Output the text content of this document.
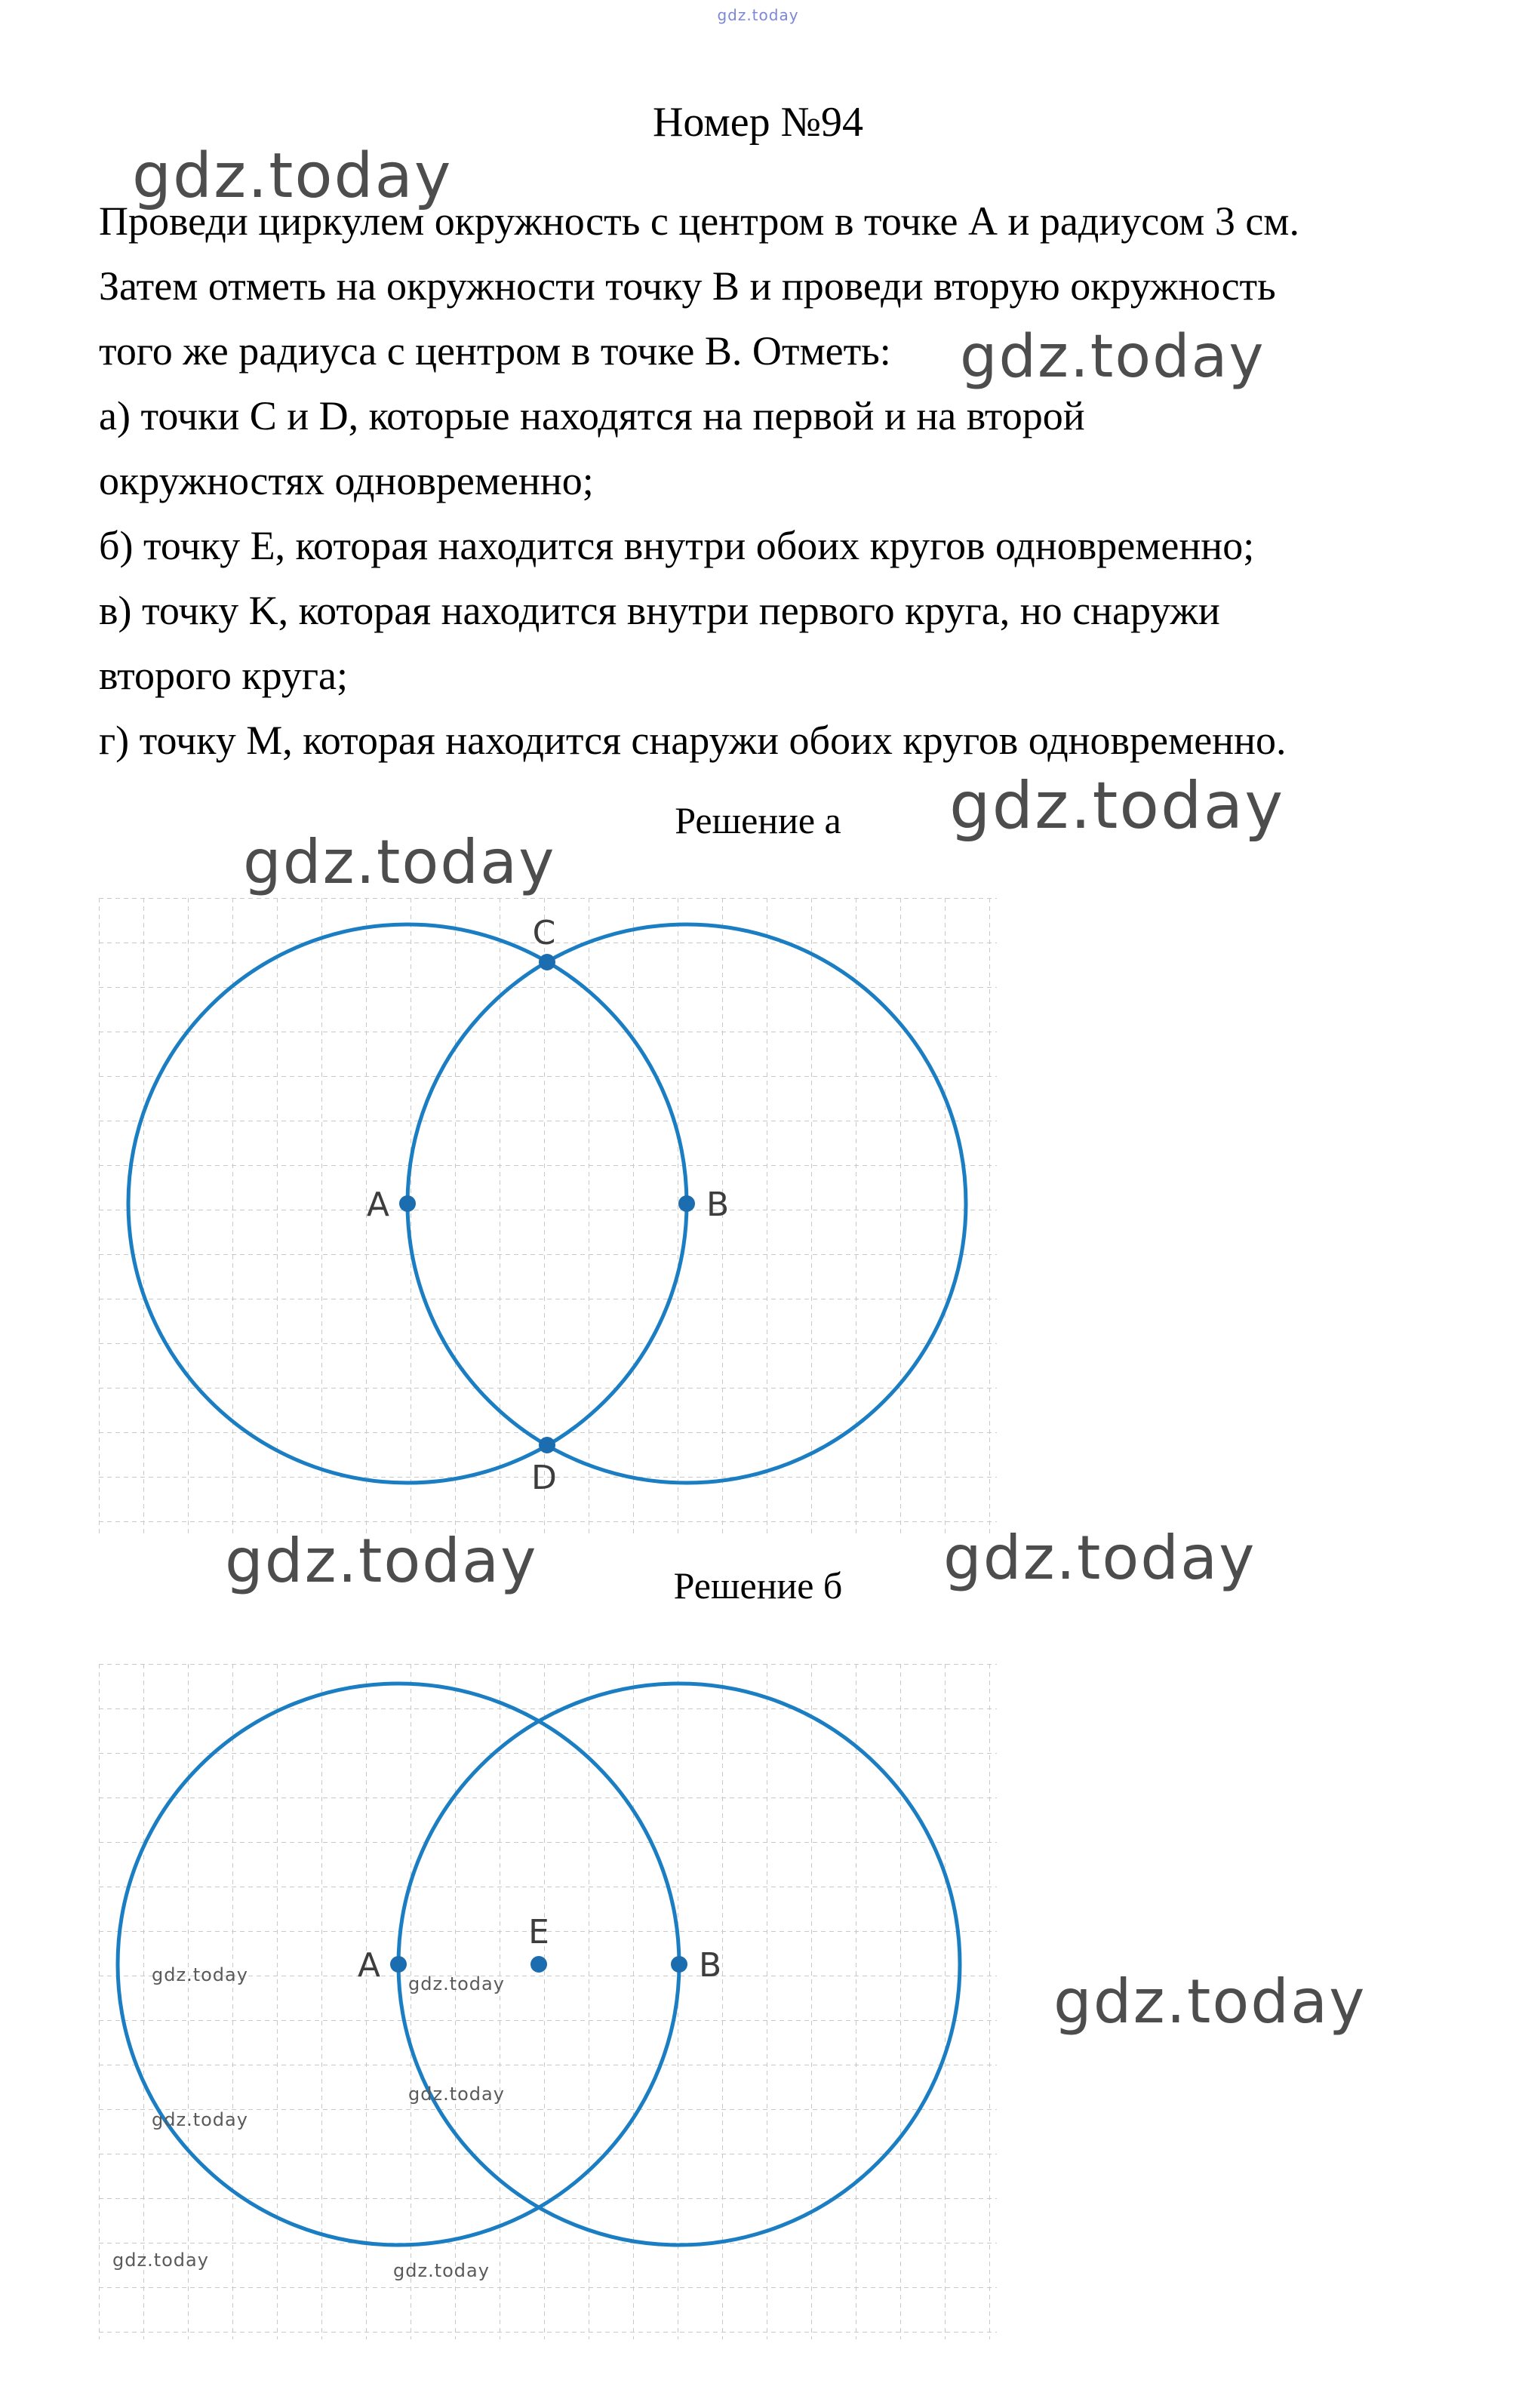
gdz.today
Номер №94
gdz.today
gdz.today
gdz.today
gdz.today
gdz.today	gdz.today
gdz.today
Проведи циркулем окружность с центром в точке А и радиусом 3 см.
Затем отметь на окружности точку В и проведи вторую окружность
того же радиуса с центром в точке В. Отметь:
а) точки С и D, которые находятся на первой и на второй
окружностях одновременно;
б) точку Е, которая находится внутри обоих кругов одновременно;
в) точку K, которая находится внутри первого круга, но снаружи
второго круга;
г) точку М, которая находится снаружи обоих кругов одновременно.
Решение а
A	B
C
D
Решение б
A	B
E
gdz.today	gdz.today
gdz.today
gdz.today
gdz.today	gdz.today
